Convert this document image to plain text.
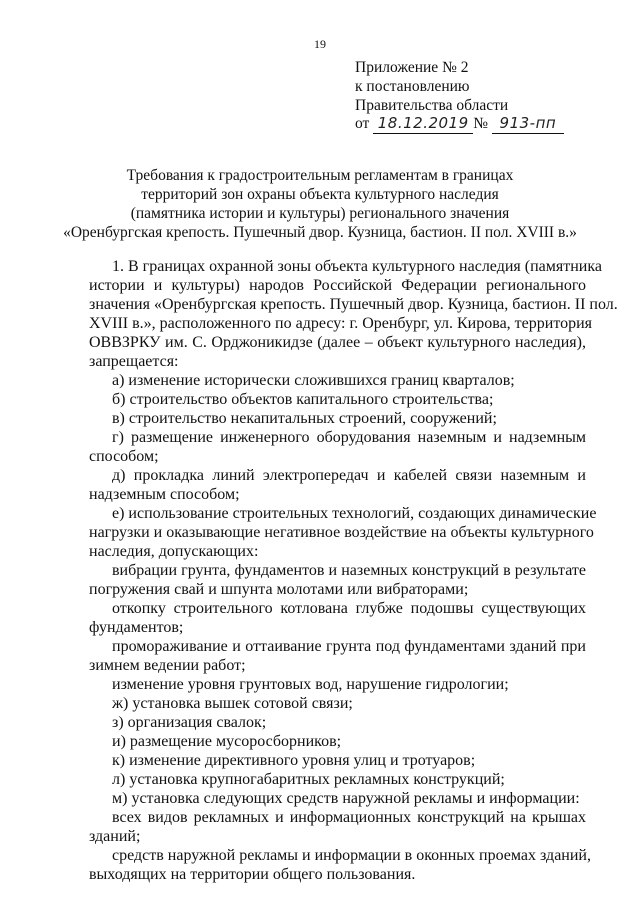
19
Приложение № 2
к постановлению
Правительства области
от 18.12.2019 № 913-пп
Требования к градостроительным регламентам в границах
территорий зон охраны объекта культурного наследия
(памятника истории и культуры) регионального значения
«Оренбургская крепость. Пушечный двор. Кузница, бастион. II пол. XVIII в.»
1. В границах охранной зоны объекта культурного наследия (памятника
истории и культуры) народов Российской Федерации регионального
значения «Оренбургская крепость. Пушечный двор. Кузница, бастион. II пол.
XVIII в.», расположенного по адресу: г. Оренбург, ул. Кирова, территория
ОВВЗРКУ им. С. Орджоникидзе (далее – объект культурного наследия),
запрещается:
а) изменение исторически сложившихся границ кварталов;
б) строительство объектов капитального строительства;
в) строительство некапитальных строений, сооружений;
г) размещение инженерного оборудования наземным и надземным
способом;
д) прокладка линий электропередач и кабелей связи наземным и
надземным способом;
е) использование строительных технологий, создающих динамические
нагрузки и оказывающие негативное воздействие на объекты культурного
наследия, допускающих:
вибрации грунта, фундаментов и наземных конструкций в результате
погружения свай и шпунта молотами или вибраторами;
откопку строительного котлована глубже подошвы существующих
фундаментов;
промораживание и оттаивание грунта под фундаментами зданий при
зимнем ведении работ;
изменение уровня грунтовых вод, нарушение гидрологии;
ж) установка вышек сотовой связи;
з) организация свалок;
и) размещение мусоросборников;
к) изменение директивного уровня улиц и тротуаров;
л) установка крупногабаритных рекламных конструкций;
м) установка следующих средств наружной рекламы и информации:
всех видов рекламных и информационных конструкций на крышах
зданий;
средств наружной рекламы и информации в оконных проемах зданий,
выходящих на территории общего пользования.
